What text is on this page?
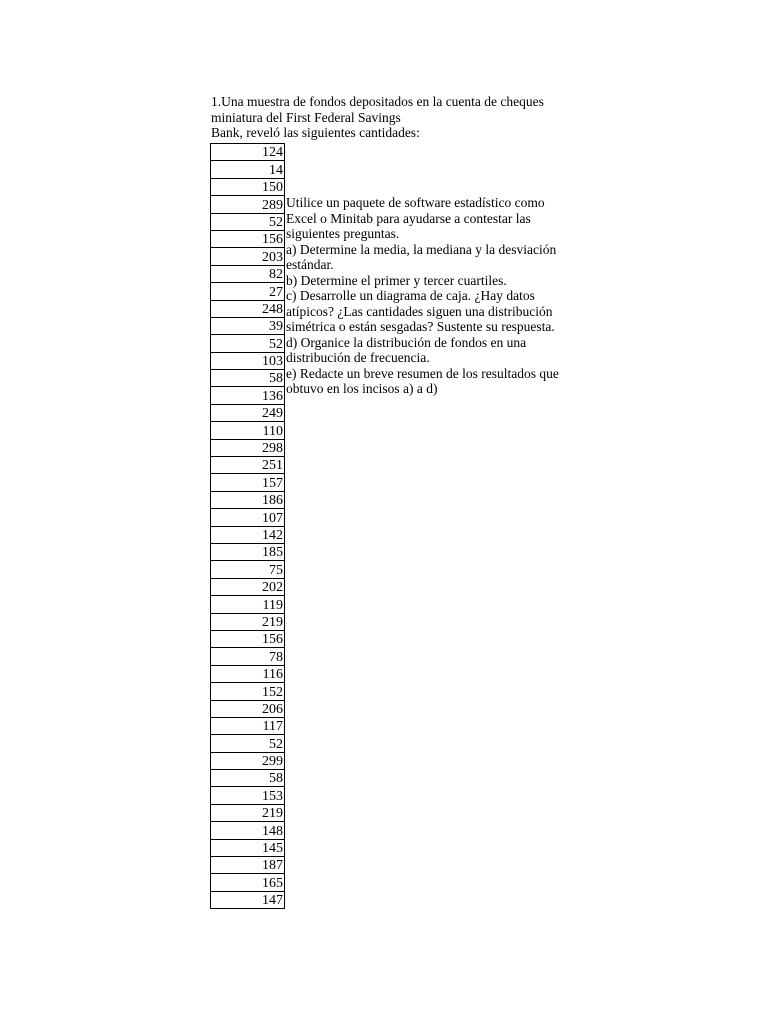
1.Una muestra de fondos depositados en la cuenta de cheques
miniatura del First Federal Savings
Bank, reveló las siguientes cantidades:
124
14
150
289
52
156
203
82
27
248
39
52
103
58
136
249
110
298
251
157
186
107
142
185
75
202
119
219
156
78
116
152
206
117
52
299
58
153
219
148
145
187
165
147
Utilice un paquete de software estadístico como
Excel o Minitab para ayudarse a contestar las
siguientes preguntas.
a) Determine la media, la mediana y la desviación
estándar.
b) Determine el primer y tercer cuartiles.
c) Desarrolle un diagrama de caja. ¿Hay datos
atípicos? ¿Las cantidades siguen una distribución
simétrica o están sesgadas? Sustente su respuesta.
d) Organice la distribución de fondos en una
distribución de frecuencia.
e) Redacte un breve resumen de los resultados que
obtuvo en los incisos a) a d)
